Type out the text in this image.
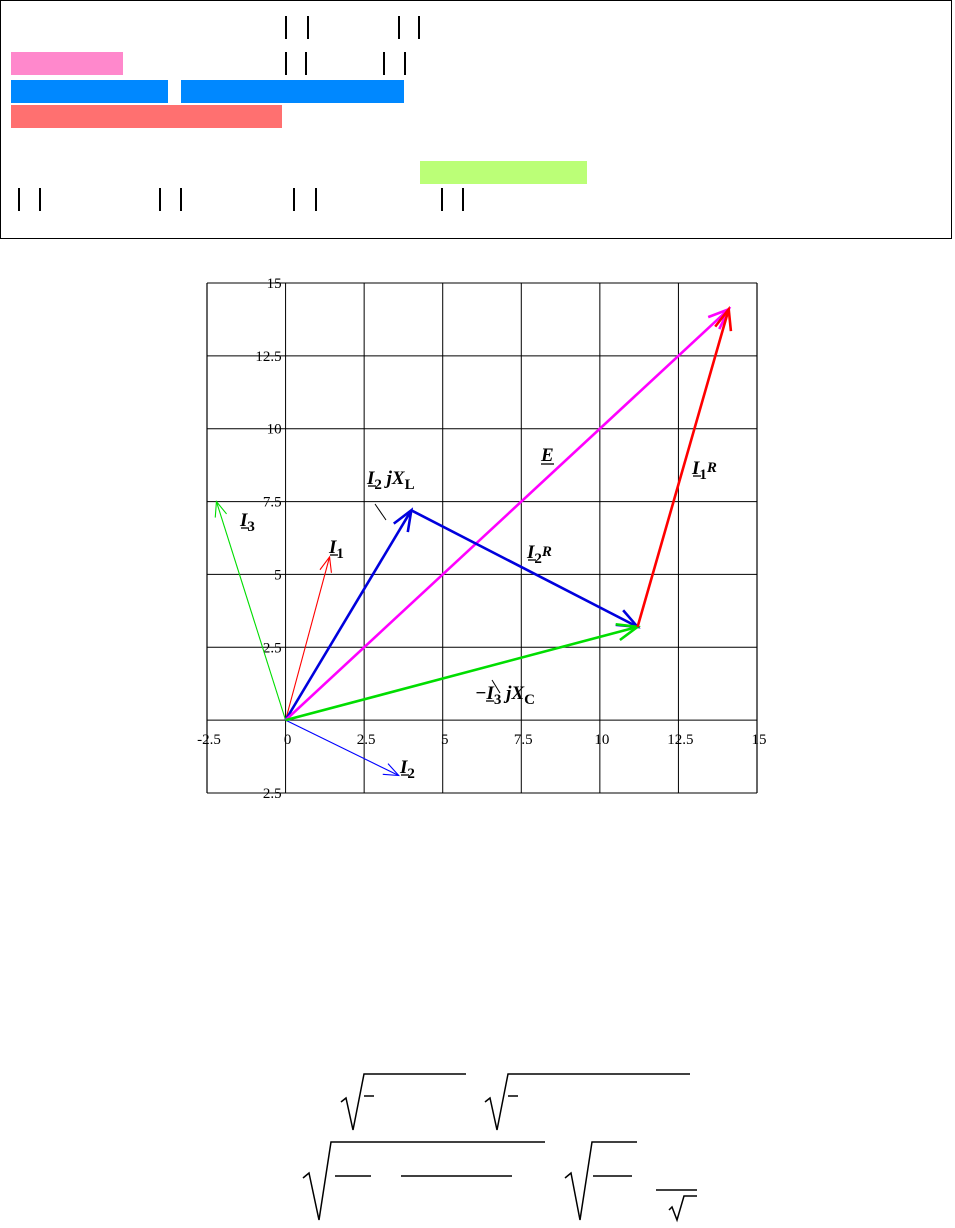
-2.5	0	2.5	5	7.5	10	12.5	15
15
12.5
10
7.5
5
2.5
2.5
$I_1$
$I_2$
$I_3$
$I_2$ $jX_L$
E
$I_2^R$
$-I_3$ $jX_C$
$I_1^R$
